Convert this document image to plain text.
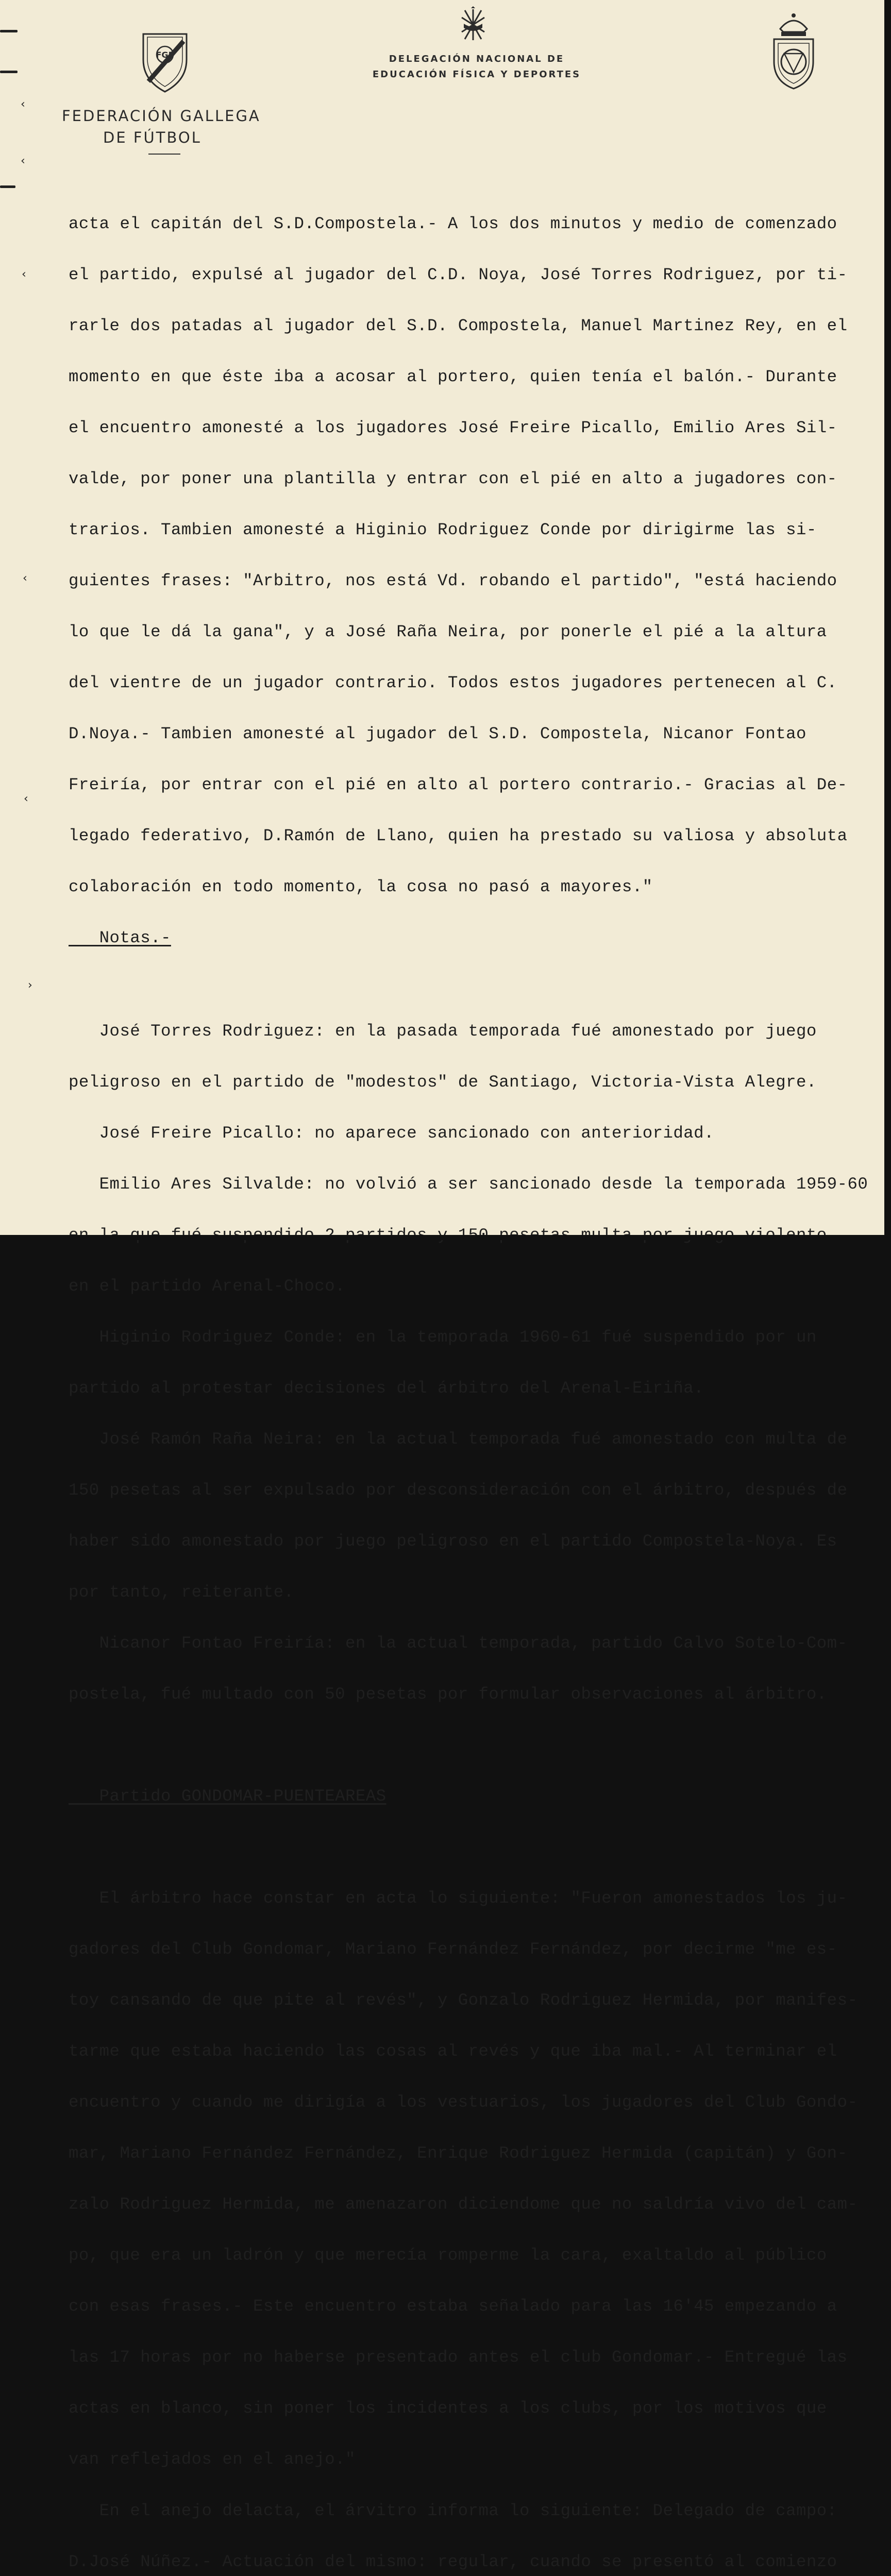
‹
‹
‹
‹
‹
›
FGF	DELEGACIÓN NACIONAL DE
EDUCACIÓN FÍSICA Y DEPORTES
FEDERACIÓN GALLEGA
DE FÚTBOL

acta el capitán del S.D.Compostela.- A los dos minutos y medio de comenzado

el partido, expulsé al jugador del C.D. Noya, José Torres Rodriguez, por ti-

rarle dos patadas al jugador del S.D. Compostela, Manuel Martinez Rey, en el

momento en que éste iba a acosar al portero, quien tenía el balón.- Durante

el encuentro amonesté a los jugadores José Freire Picallo, Emilio Ares Sil-

valde, por poner una plantilla y entrar con el pié en alto a jugadores con-

trarios. Tambien amonesté a Higinio Rodriguez Conde por dirigirme las si-

guientes frases: "Arbitro, nos está Vd. robando el partido", "está haciendo

lo que le dá la gana", y a José Raña Neira, por ponerle el pié a la altura

del vientre de un jugador contrario. Todos estos jugadores pertenecen al C.

D.Noya.- Tambien amonesté al jugador del S.D. Compostela, Nicanor Fontao

Freiría, por entrar con el pié en alto al portero contrario.- Gracias al De-

legado federativo, D.Ramón de Llano, quien ha prestado su valiosa y absoluta

colaboración en todo momento, la cosa no pasó a mayores."

Notas.-

José Torres Rodriguez: en la pasada temporada fué amonestado por juego

peligroso en el partido de "modestos" de Santiago, Victoria-Vista Alegre.

José Freire Picallo: no aparece sancionado con anterioridad.

Emilio Ares Silvalde: no volvió a ser sancionado desde la temporada 1959-60

en el partido Arenal-Choco.

Higinio Rodriguez Conde: en la temporada 1960-61 fué suspendido por un

partido al protestar decisiones del árbitro del Arenal-Eiriña.

José Ramón Raña Neira: en la actual temporada fué amonestado con multa de

150 pesetas al ser expulsado por desconsideración con el árbitro, después de

haber sido amonestado por juego peligroso en el partido Compostela-Noya. Es

por tanto, reiterante.

Nicanor Fontao Freiría: en la actual temporada, partido Calvo Sotelo-Com-

postela, fué multado con 50 pesetas por formular observaciones al árbitro.

Partido GONDOMAR-PUENTEAREAS

El árbitro hace constar en acta lo siguiente: "Fueron amonestados los ju-

gadores del Club Gondomar, Mariano Fernández Fernández, por decirme "me es-

toy cansando de que pite al revés", y Gonzalo Rodriguez Hermida, por manifes-

tarme que estaba haciendo las cosas al revés y que iba mal.- Al terminar el

encuentro y cuando me dirigía a los vestuarios, los jugadores del Club Gondo-

mar, Mariano Fernández Fernández, Enrique Rodriguez Hermida (capitán) y Gon-

zalo Rodriguez Hermida, me amenazaron diciendome que no saldría vivo del cam-

po, que era un ladrón y que merecía romperme la cara, exaltaldo al público

con esas frases.- Este encuentro estaba señalado para las 16'45 empezando a

las 17 horas por no haberse presentado antes el club Gondomar.- Entregué las

actas en blanco, sin poner los incidentes a los clubs, por los motivos que

van reflejados en el anejo."

En el anejo delacta, el árvitro informa lo siguiente: Delegado de campo:

D.José Núñez.- Actuación del mismo: regular, cuando se presentó al comienzo
